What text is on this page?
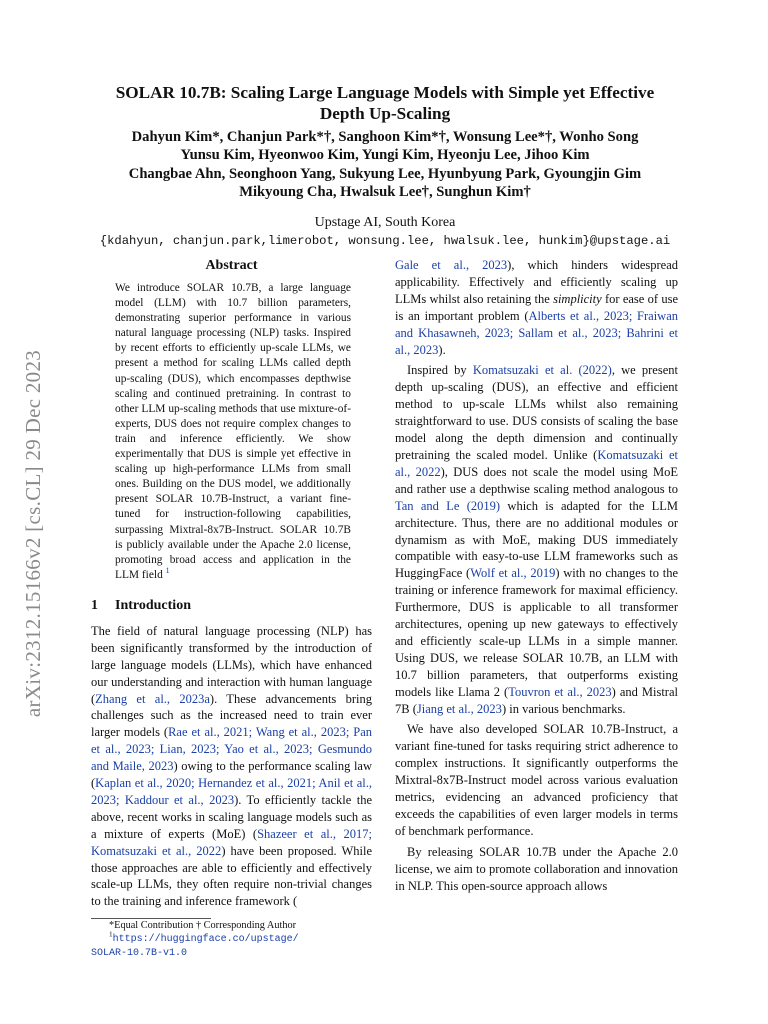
arXiv:2312.15166v2 [cs.CL] 29 Dec 2023
SOLAR 10.7B: Scaling Large Language Models with Simple yet Effective
Depth Up-Scaling
Dahyun Kim*, Chanjun Park*†, Sanghoon Kim*†, Wonsung Lee*†, Wonho Song
Yunsu Kim, Hyeonwoo Kim, Yungi Kim, Hyeonju Lee, Jihoo Kim
Changbae Ahn, Seonghoon Yang, Sukyung Lee, Hyunbyung Park, Gyoungjin Gim
Mikyoung Cha, Hwalsuk Lee†, Sunghun Kim†
Upstage AI, South Korea
{kdahyun, chanjun.park,limerobot, wonsung.lee, hwalsuk.lee, hunkim}@upstage.ai
Abstract
We introduce SOLAR 10.7B, a large language model (LLM) with 10.7 billion parameters, demonstrating superior performance in various natural language processing (NLP) tasks. Inspired by recent efforts to efficiently up-scale LLMs, we present a method for scaling LLMs called depth up-scaling (DUS), which encompasses depthwise scaling and continued pretraining. In contrast to other LLM up-scaling methods that use mixture-of-experts, DUS does not require complex changes to train and inference efficiently. We show experimentally that DUS is simple yet effective in scaling up high-performance LLMs from small ones. Building on the DUS model, we additionally present SOLAR 10.7B-Instruct, a variant fine-tuned for instruction-following capabilities, surpassing Mixtral-8x7B-Instruct. SOLAR 10.7B is publicly available under the Apache 2.0 license, promoting broad access and application in the LLM field $^1$
1 Introduction

The field of natural language processing (NLP) has been significantly transformed by the introduction of large language models (LLMs), which have enhanced our understanding and interaction with human language (Zhang et al., 2023a). These advancements bring challenges such as the increased need to train ever larger models (Rae et al., 2021; Wang et al., 2023; Pan et al., 2023; Lian, 2023; Yao et al., 2023; Gesmundo and Maile, 2023) owing to the performance scaling law (Kaplan et al., 2020; Hernandez et al., 2021; Anil et al., 2023; Kaddour et al., 2023). To efficiently tackle the above, recent works in scaling language models such as a mixture of experts (MoE) (Shazeer et al., 2017; Komatsuzaki et al., 2022) have been proposed. While those approaches are able to efficiently and effectively scale-up LLMs, they often require non-trivial changes to the training and inference framework (

*Equal Contribution † Corresponding Author
$^1$https://huggingface.co/upstage/
SOLAR-10.7B-v1.0

Gale et al., 2023), which hinders widespread applicability. Effectively and efficiently scaling up LLMs whilst also retaining the simplicity for ease of use is an important problem (Alberts et al., 2023; Fraiwan and Khasawneh, 2023; Sallam et al., 2023; Bahrini et al., 2023).

Inspired by Komatsuzaki et al. (2022), we present depth up-scaling (DUS), an effective and efficient method to up-scale LLMs whilst also remaining straightforward to use. DUS consists of scaling the base model along the depth dimension and continually pretraining the scaled model. Unlike (Komatsuzaki et al., 2022), DUS does not scale the model using MoE and rather use a depthwise scaling method analogous to Tan and Le (2019) which is adapted for the LLM architecture. Thus, there are no additional modules or dynamism as with MoE, making DUS immediately compatible with easy-to-use LLM frameworks such as HuggingFace (Wolf et al., 2019) with no changes to the training or inference framework for maximal efficiency. Furthermore, DUS is applicable to all transformer architectures, opening up new gateways to effectively and efficiently scale-up LLMs in a simple manner. Using DUS, we release SOLAR 10.7B, an LLM with 10.7 billion parameters, that outperforms existing models like Llama 2 (Touvron et al., 2023) and Mistral 7B (Jiang et al., 2023) in various benchmarks.

We have also developed SOLAR 10.7B-Instruct, a variant fine-tuned for tasks requiring strict adherence to complex instructions. It significantly outperforms the Mixtral-8x7B-Instruct model across various evaluation metrics, evidencing an advanced proficiency that exceeds the capabilities of even larger models in terms of benchmark performance.

By releasing SOLAR 10.7B under the Apache 2.0 license, we aim to promote collaboration and innovation in NLP. This open-source approach allows
